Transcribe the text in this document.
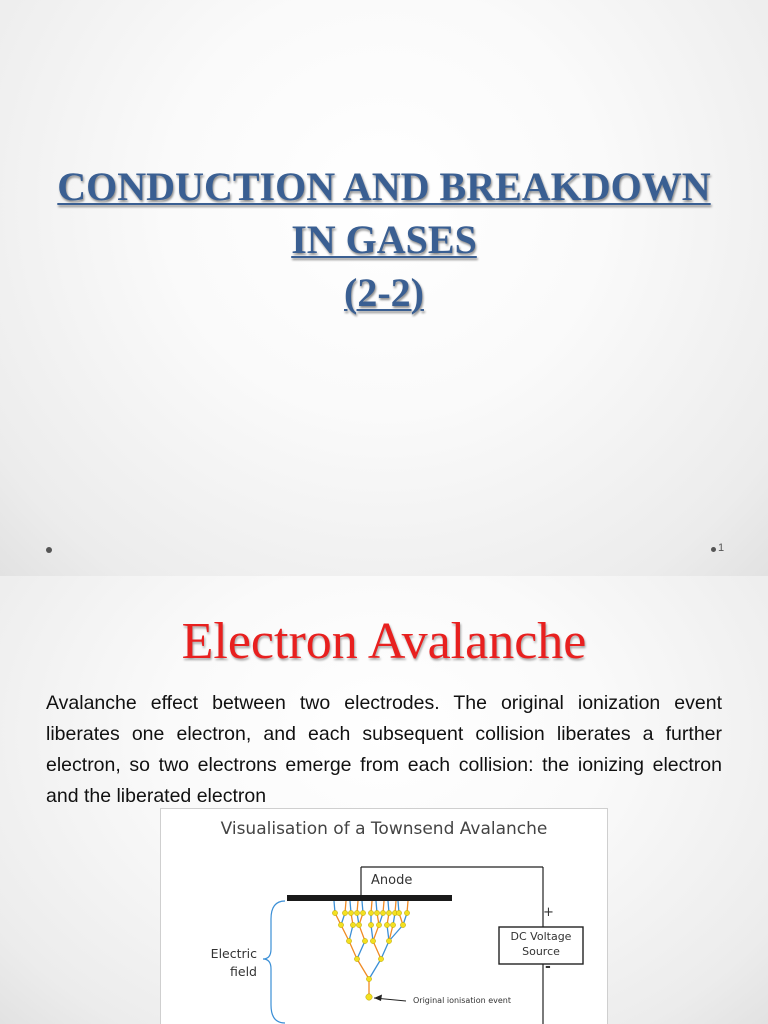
CONDUCTION AND BREAKDOWN
IN GASES
(2-2)
1
Electron Avalanche
Avalanche effect between two electrodes. The original ionization event liberates one electron, and each subsequent collision liberates a further electron, so two electrons emerge from each collision: the ionizing electron and the liberated electron
Visualisation of a Townsend Avalanche
Anode
DC Voltage
Source
+
-
Electric
field
Original ionisation event
